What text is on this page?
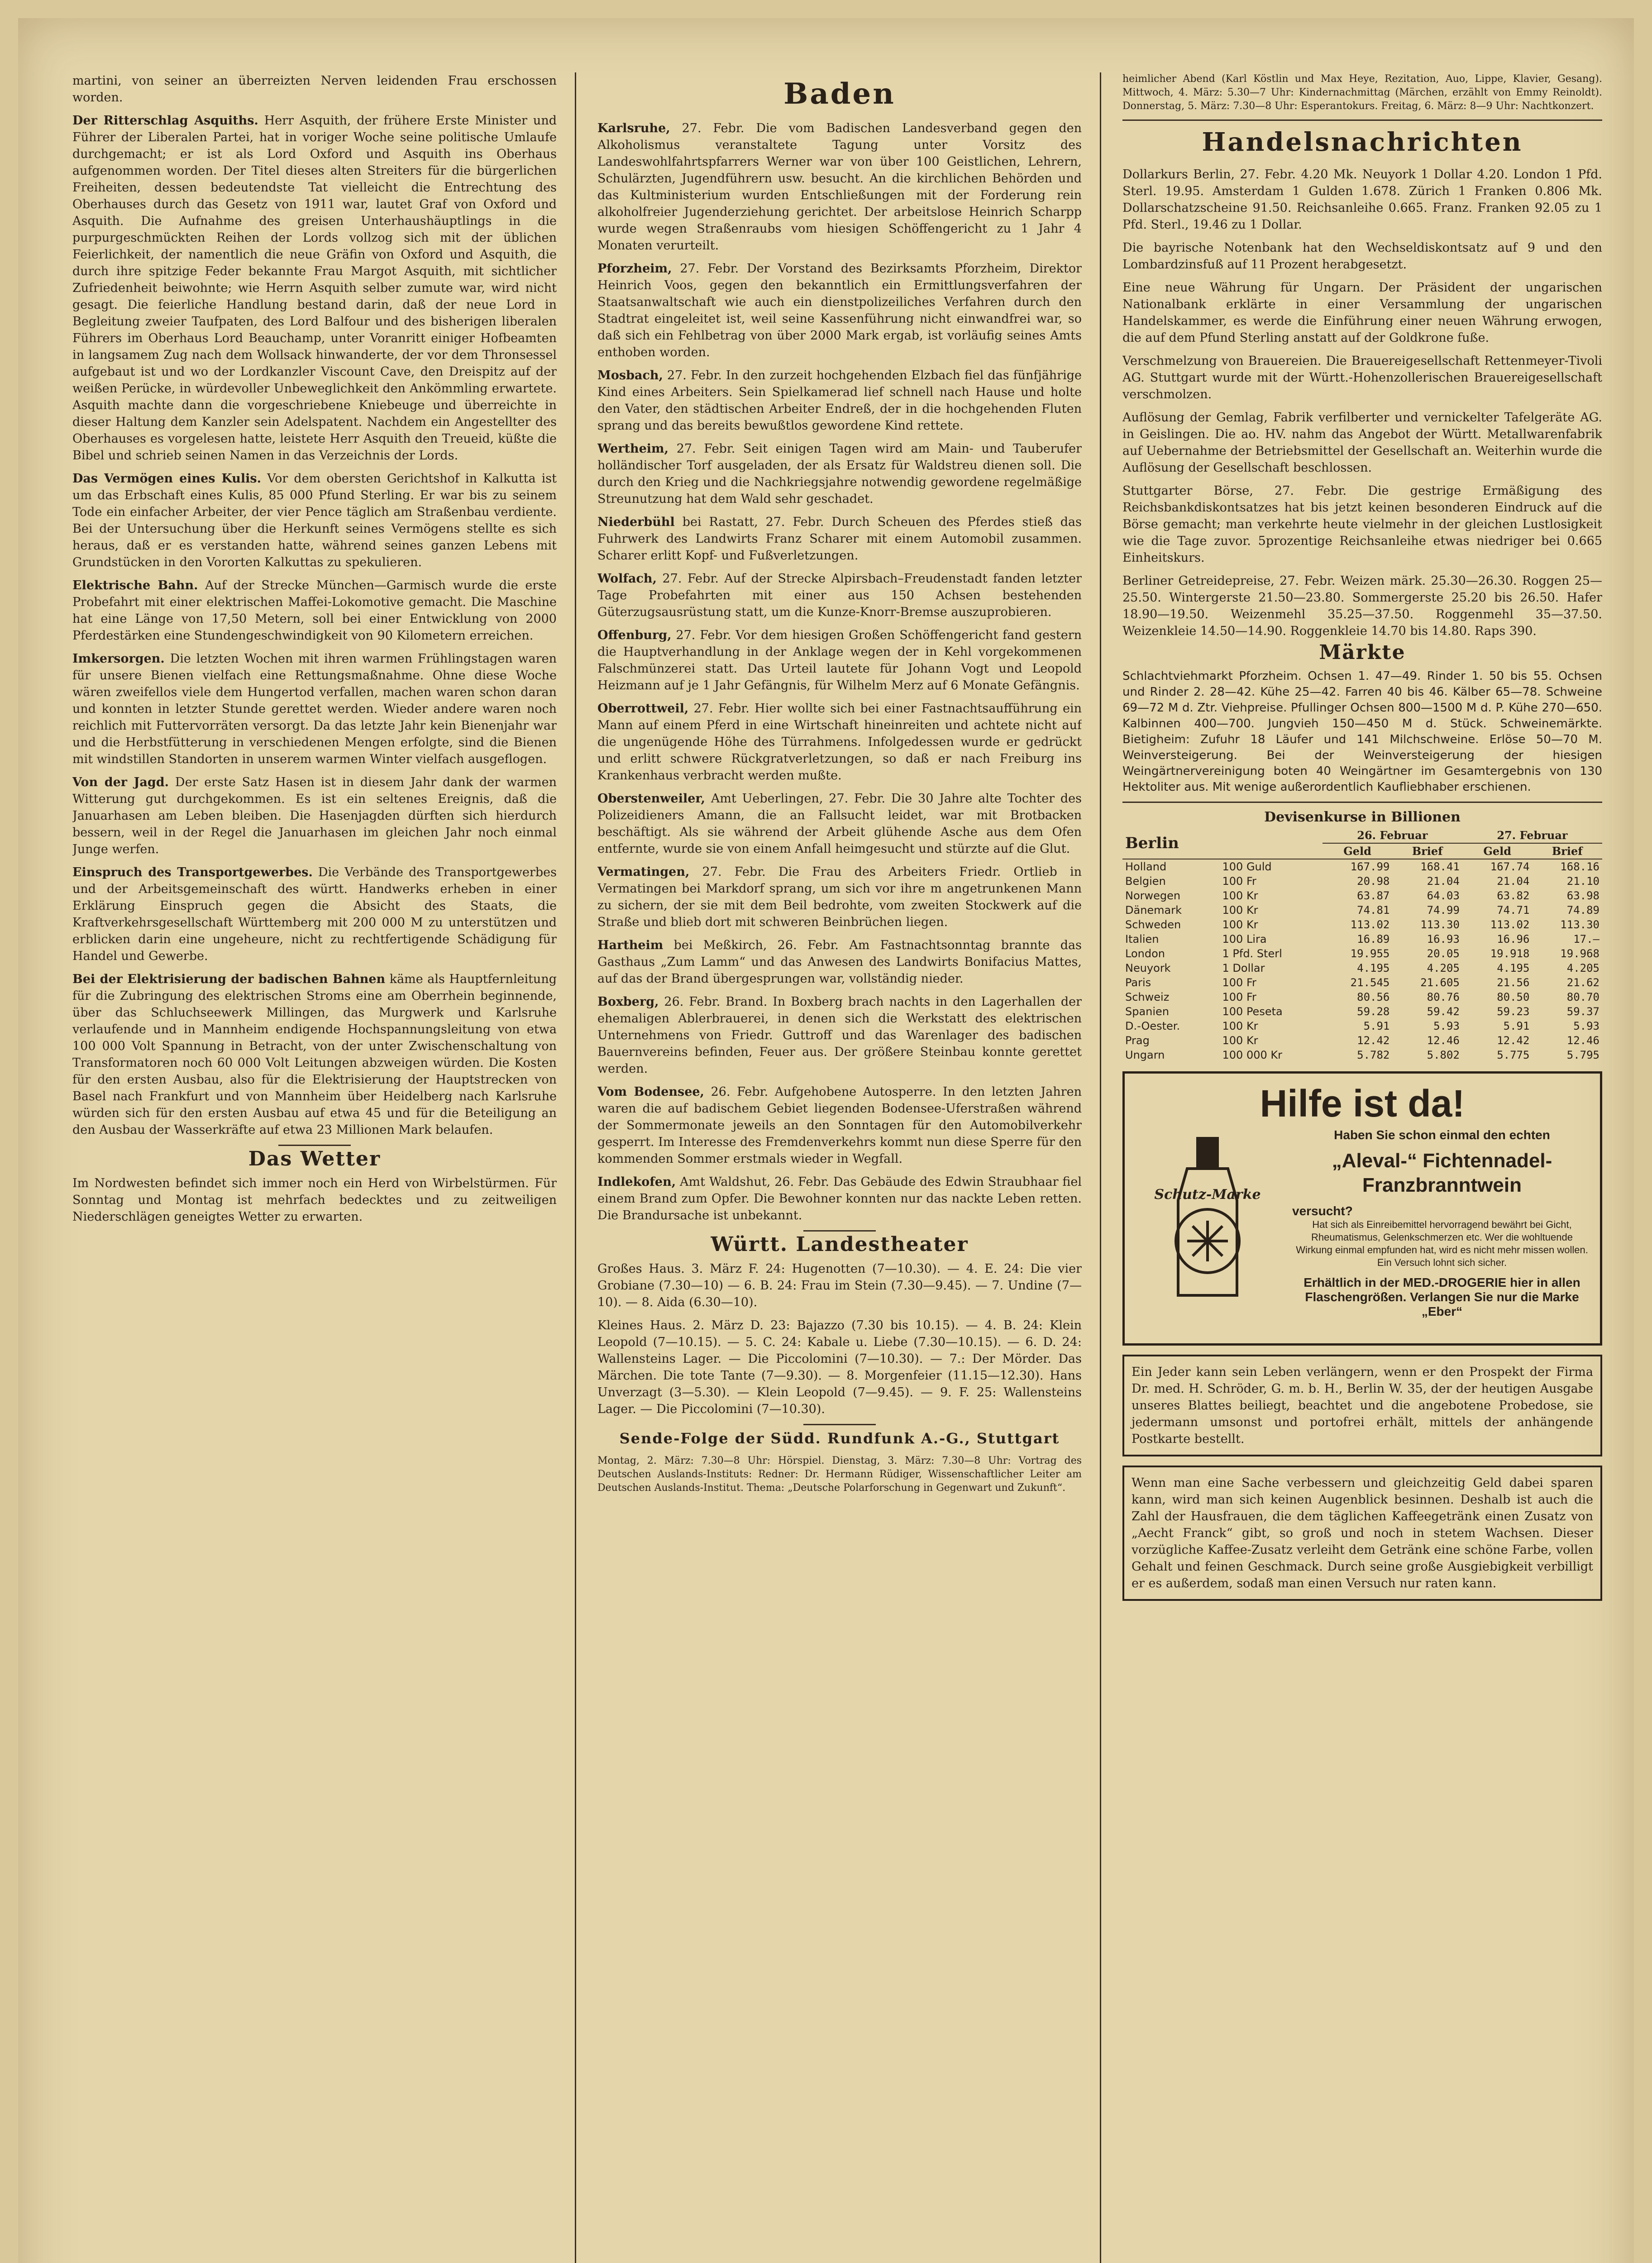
martini, von seiner an überreizten Nerven leidenden Frau erschossen worden.

Der Ritterschlag Asquiths. Herr Asquith, der frühere Erste Minister und Führer der Liberalen Partei, hat in voriger Woche seine politische Umlaufe durchgemacht; er ist als Lord Oxford und Asquith ins Oberhaus aufgenommen worden. Der Titel dieses alten Streiters für die bürgerlichen Freiheiten, dessen bedeutendste Tat vielleicht die Entrechtung des Oberhauses durch das Gesetz von 1911 war, lautet Graf von Oxford und Asquith. Die Aufnahme des greisen Unterhaushäuptlings in die purpurgeschmückten Reihen der Lords vollzog sich mit der üblichen Feierlichkeit, der namentlich die neue Gräfin von Oxford und Asquith, die durch ihre spitzige Feder bekannte Frau Margot Asquith, mit sichtlicher Zufriedenheit beiwohnte; wie Herrn Asquith selber zumute war, wird nicht gesagt. Die feierliche Handlung bestand darin, daß der neue Lord in Begleitung zweier Taufpaten, des Lord Balfour und des bisherigen liberalen Führers im Oberhaus Lord Beauchamp, unter Voranritt einiger Hofbeamten in langsamem Zug nach dem Wollsack hinwanderte, der vor dem Thronsessel aufgebaut ist und wo der Lordkanzler Viscount Cave, den Dreispitz auf der weißen Perücke, in würdevoller Unbeweglichkeit den Ankömmling erwartete. Asquith machte dann die vorgeschriebene Kniebeuge und überreichte in dieser Haltung dem Kanzler sein Adelspatent. Nachdem ein Angestellter des Oberhauses es vorgelesen hatte, leistete Herr Asquith den Treueid, küßte die Bibel und schrieb seinen Namen in das Verzeichnis der Lords.
Das Vermögen eines Kulis. Vor dem obersten Gerichtshof in Kalkutta ist um das Erbschaft eines Kulis, 85 000 Pfund Sterling. Er war bis zu seinem Tode ein einfacher Arbeiter, der vier Pence täglich am Straßenbau verdiente. Bei der Untersuchung über die Herkunft seines Vermögens stellte es sich heraus, daß er es verstanden hatte, während seines ganzen Lebens mit Grundstücken in den Vororten Kalkuttas zu spekulieren.
Elektrische Bahn. Auf der Strecke München—Garmisch wurde die erste Probefahrt mit einer elektrischen Maffei-Lokomotive gemacht. Die Maschine hat eine Länge von 17,50 Metern, soll bei einer Entwicklung von 2000 Pferdestärken eine Stundengeschwindigkeit von 90 Kilometern erreichen.
Imkersorgen. Die letzten Wochen mit ihren warmen Frühlingstagen waren für unsere Bienen vielfach eine Rettungsmaßnahme. Ohne diese Woche wären zweifellos viele dem Hungertod verfallen, machen waren schon daran und konnten in letzter Stunde gerettet werden. Wieder andere waren noch reichlich mit Futtervorräten versorgt. Da das letzte Jahr kein Bienenjahr war und die Herbstfütterung in verschiedenen Mengen erfolgte, sind die Bienen mit windstillen Standorten in unserem warmen Winter vielfach ausgeflogen.
Von der Jagd. Der erste Satz Hasen ist in diesem Jahr dank der warmen Witterung gut durchgekommen. Es ist ein seltenes Ereignis, daß die Januarhasen am Leben bleiben. Die Hasenjagden dürften sich hierdurch bessern, weil in der Regel die Januarhasen im gleichen Jahr noch einmal Junge werfen.
Einspruch des Transportgewerbes. Die Verbände des Transportgewerbes und der Arbeitsgemeinschaft des württ. Handwerks erheben in einer Erklärung Einspruch gegen die Absicht des Staats, die Kraftverkehrsgesellschaft Württemberg mit 200 000 M zu unterstützen und erblicken darin eine ungeheure, nicht zu rechtfertigende Schädigung für Handel und Gewerbe.
Bei der Elektrisierung der badischen Bahnen käme als Hauptfernleitung für die Zubringung des elektrischen Stroms eine am Oberrhein beginnende, über das Schluchseewerk Millingen, das Murgwerk und Karlsruhe verlaufende und in Mannheim endigende Hochspannungsleitung von etwa 100 000 Volt Spannung in Betracht, von der unter Zwischenschaltung von Transformatoren noch 60 000 Volt Leitungen abzweigen würden. Die Kosten für den ersten Ausbau, also für die Elektrisierung der Hauptstrecken von Basel nach Frankfurt und von Mannheim über Heidelberg nach Karlsruhe würden sich für den ersten Ausbau auf etwa 45 und für die Beteiligung an den Ausbau der Wasserkräfte auf etwa 23 Millionen Mark belaufen.
Das Wetter

Im Nordwesten befindet sich immer noch ein Herd von Wirbelstürmen. Für Sonntag und Montag ist mehrfach bedecktes und zu zeitweiligen Niederschlägen geneigtes Wetter zu erwarten.

Baden
Karlsruhe, 27. Febr. Die vom Badischen Landesverband gegen den Alkoholismus veranstaltete Tagung unter Vorsitz des Landeswohlfahrtspfarrers Werner war von über 100 Geistlichen, Lehrern, Schulärzten, Jugendführern usw. besucht. An die kirchlichen Behörden und das Kultministerium wurden Entschließungen mit der Forderung rein alkoholfreier Jugenderziehung gerichtet. Der arbeitslose Heinrich Scharpp wurde wegen Straßenraubs vom hiesigen Schöffengericht zu 1 Jahr 4 Monaten verurteilt.
Pforzheim, 27. Febr. Der Vorstand des Bezirksamts Pforzheim, Direktor Heinrich Voos, gegen den bekanntlich ein Ermittlungsverfahren der Staatsanwaltschaft wie auch ein dienstpolizeiliches Verfahren durch den Stadtrat eingeleitet ist, weil seine Kassenführung nicht einwandfrei war, so daß sich ein Fehlbetrag von über 2000 Mark ergab, ist vorläufig seines Amts enthoben worden.
Mosbach, 27. Febr. In den zurzeit hochgehenden Elzbach fiel das fünfjährige Kind eines Arbeiters. Sein Spielkamerad lief schnell nach Hause und holte den Vater, den städtischen Arbeiter Endreß, der in die hochgehenden Fluten sprang und das bereits bewußtlos gewordene Kind rettete.
Wertheim, 27. Febr. Seit einigen Tagen wird am Main- und Tauberufer holländischer Torf ausgeladen, der als Ersatz für Waldstreu dienen soll. Die durch den Krieg und die Nachkriegsjahre notwendig gewordene regelmäßige Streunutzung hat dem Wald sehr geschadet.
Niederbühl bei Rastatt, 27. Febr. Durch Scheuen des Pferdes stieß das Fuhrwerk des Landwirts Franz Scharer mit einem Automobil zusammen. Scharer erlitt Kopf- und Fußverletzungen.
Wolfach, 27. Febr. Auf der Strecke Alpirsbach–Freudenstadt fanden letzter Tage Probefahrten mit einer aus 150 Achsen bestehenden Güterzugsausrüstung statt, um die Kunze-Knorr-Bremse auszuprobieren.
Offenburg, 27. Febr. Vor dem hiesigen Großen Schöffengericht fand gestern die Hauptverhandlung in der Anklage wegen der in Kehl vorgekommenen Falschmünzerei statt. Das Urteil lautete für Johann Vogt und Leopold Heizmann auf je 1 Jahr Gefängnis, für Wilhelm Merz auf 6 Monate Gefängnis.
Oberrottweil, 27. Febr. Hier wollte sich bei einer Fastnachtsaufführung ein Mann auf einem Pferd in eine Wirtschaft hineinreiten und achtete nicht auf die ungenügende Höhe des Türrahmens. Infolgedessen wurde er gedrückt und erlitt schwere Rückgratverletzungen, so daß er nach Freiburg ins Krankenhaus verbracht werden mußte.
Oberstenweiler, Amt Ueberlingen, 27. Febr. Die 30 Jahre alte Tochter des Polizeidieners Amann, die an Fallsucht leidet, war mit Brotbacken beschäftigt. Als sie während der Arbeit glühende Asche aus dem Ofen entfernte, wurde sie von einem Anfall heimgesucht und stürzte auf die Glut.
Vermatingen, 27. Febr. Die Frau des Arbeiters Friedr. Ortlieb in Vermatingen bei Markdorf sprang, um sich vor ihre m angetrunkenen Mann zu sichern, der sie mit dem Beil bedrohte, vom zweiten Stockwerk auf die Straße und blieb dort mit schweren Beinbrüchen liegen.
Hartheim bei Meßkirch, 26. Febr. Am Fastnachtsonntag brannte das Gasthaus „Zum Lamm“ und das Anwesen des Landwirts Bonifacius Mattes, auf das der Brand übergesprungen war, vollständig nieder.
Boxberg, 26. Febr. Brand. In Boxberg brach nachts in den Lagerhallen der ehemaligen Ablerbrauerei, in denen sich die Werkstatt des elektrischen Unternehmens von Friedr. Guttroff und das Warenlager des badischen Bauernvereins befinden, Feuer aus. Der größere Steinbau konnte gerettet werden.
Vom Bodensee, 26. Febr. Aufgehobene Autosperre. In den letzten Jahren waren die auf badischem Gebiet liegenden Bodensee-Uferstraßen während der Sommermonate jeweils an den Sonntagen für den Automobilverkehr gesperrt. Im Interesse des Fremdenverkehrs kommt nun diese Sperre für den kommenden Sommer erstmals wieder in Wegfall.
Indlekofen, Amt Waldshut, 26. Febr. Das Gebäude des Edwin Straubhaar fiel einem Brand zum Opfer. Die Bewohner konnten nur das nackte Leben retten. Die Brandursache ist unbekannt.
Württ. Landestheater

Großes Haus. 3. März F. 24: Hugenotten (7—10.30). — 4. E. 24: Die vier Grobiane (7.30—10) — 6. B. 24: Frau im Stein (7.30—9.45). — 7. Undine (7—10). — 8. Aida (6.30—10).

Kleines Haus. 2. März D. 23: Bajazzo (7.30 bis 10.15). — 4. B. 24: Klein Leopold (7—10.15). — 5. C. 24: Kabale u. Liebe (7.30—10.15). — 6. D. 24: Wallensteins Lager. — Die Piccolomini (7—10.30). — 7.: Der Mörder. Das Märchen. Die tote Tante (7—9.30). — 8. Morgenfeier (11.15—12.30). Hans Unverzagt (3—5.30). — Klein Leopold (7—9.45). — 9. F. 25: Wallensteins Lager. — Die Piccolomini (7—10.30).

Sende-Folge der Südd. Rundfunk A.-G., Stuttgart

Montag, 2. März: 7.30—8 Uhr: Hörspiel. Dienstag, 3. März: 7.30—8 Uhr: Vortrag des Deutschen Auslands-Instituts: Redner: Dr. Hermann Rüdiger, Wissenschaftlicher Leiter am Deutschen Auslands-Institut. Thema: „Deutsche Polarforschung in Gegenwart und Zukunft“.

heimlicher Abend (Karl Köstlin und Max Heye, Rezitation, Auo, Lippe, Klavier, Gesang). Mittwoch, 4. März: 5.30—7 Uhr: Kindernachmittag (Märchen, erzählt von Emmy Reinoldt). Donnerstag, 5. März: 7.30—8 Uhr: Esperantokurs. Freitag, 6. März: 8—9 Uhr: Nachtkonzert.

Handelsnachrichten

Dollarkurs Berlin, 27. Febr. 4.20 Mk. Neuyork 1 Dollar 4.20. London 1 Pfd. Sterl. 19.95. Amsterdam 1 Gulden 1.678. Zürich 1 Franken 0.806 Mk. Dollarschatzscheine 91.50. Reichsanleihe 0.665. Franz. Franken 92.05 zu 1 Pfd. Sterl., 19.46 zu 1 Dollar.

Die bayrische Notenbank hat den Wechseldiskontsatz auf 9 und den Lombardzinsfuß auf 11 Prozent herabgesetzt.

Eine neue Währung für Ungarn. Der Präsident der ungarischen Nationalbank erklärte in einer Versammlung der ungarischen Handelskammer, es werde die Einführung einer neuen Währung erwogen, die auf dem Pfund Sterling anstatt auf der Goldkrone fuße.

Verschmelzung von Brauereien. Die Brauereigesellschaft Rettenmeyer-Tivoli AG. Stuttgart wurde mit der Württ.-Hohenzollerischen Brauereigesellschaft verschmolzen.

Auflösung der Gemlag, Fabrik verfilberter und vernickelter Tafelgeräte AG. in Geislingen. Die ao. HV. nahm das Angebot der Württ. Metallwarenfabrik auf Uebernahme der Betriebsmittel der Gesellschaft an. Weiterhin wurde die Auflösung der Gesellschaft beschlossen.

Stuttgarter Börse, 27. Febr. Die gestrige Ermäßigung des Reichsbankdiskontsatzes hat bis jetzt keinen besonderen Eindruck auf die Börse gemacht; man verkehrte heute vielmehr in der gleichen Lustlosigkeit wie die Tage zuvor. 5prozentige Reichsanleihe etwas niedriger bei 0.665 Einheitskurs.

Berliner Getreidepreise, 27. Febr. Weizen märk. 25.30—26.30. Roggen 25—25.50. Wintergerste 21.50—23.80. Sommergerste 25.20 bis 26.50. Hafer 18.90—19.50. Weizenmehl 35.25—37.50. Roggenmehl 35—37.50. Weizenkleie 14.50—14.90. Roggenkleie 14.70 bis 14.80. Raps 390.

Märkte

Schlachtviehmarkt Pforzheim. Ochsen 1. 47—49. Rinder 1. 50 bis 55. Ochsen und Rinder 2. 28—42. Kühe 25—42. Farren 40 bis 46. Kälber 65—78. Schweine 69—72 M d. Ztr. Viehpreise. Pfullinger Ochsen 800—1500 M d. P. Kühe 270—650. Kalbinnen 400—700. Jungvieh 150—450 M d. Stück. Schweinemärkte. Bietigheim: Zufuhr 18 Läufer und 141 Milchschweine. Erlöse 50—70 M. Weinversteigerung. Bei der Weinversteigerung der hiesigen Weingärtnervereinigung boten 40 Weingärtner im Gesamtergebnis von 130 Hektoliter aus. Mit wenige außerordentlich Kaufliebhaber erschienen.

Devisenkurse in Billionen
Berlin		26. Februar		27. Februar	
		Geld	Brief	Geld	Brief
Holland	100 Guld	167.99	168.41	167.74	168.16
Belgien	100 Fr	20.98	21.04	21.04	21.10
Norwegen	100 Kr	63.87	64.03	63.82	63.98
Dänemark	100 Kr	74.81	74.99	74.71	74.89
Schweden	100 Kr	113.02	113.30	113.02	113.30
Italien	100 Lira	16.89	16.93	16.96	17.—
London	1 Pfd. Sterl	19.955	20.05	19.918	19.968
Neuyork	1 Dollar	4.195	4.205	4.195	4.205
Paris	100 Fr	21.545	21.605	21.56	21.62
Schweiz	100 Fr	80.56	80.76	80.50	80.70
Spanien	100 Peseta	59.28	59.42	59.23	59.37
D.-Oester.	100 Kr	5.91	5.93	5.91	5.93
Prag	100 Kr	12.42	12.46	12.42	12.46
Ungarn	100 000 Kr	5.782	5.802	5.775	5.795
Hilfe ist da!
Schutz-Marke
Haben Sie schon einmal den echten
„Aleval-“ Fichtennadel-Franzbranntwein
versucht?
Hat sich als Einreibemittel hervorragend bewährt bei Gicht, Rheumatismus, Gelenkschmerzen etc. Wer die wohltuende Wirkung einmal empfunden hat, wird es nicht mehr missen wollen. Ein Versuch lohnt sich sicher.
Erhältlich in der MED.-DROGERIE hier in allen Flaschengrößen. Verlangen Sie nur die Marke „Eber“

Ein Jeder kann sein Leben verlängern, wenn er den Prospekt der Firma Dr. med. H. Schröder, G. m. b. H., Berlin W. 35, der der heutigen Ausgabe unseres Blattes beiliegt, beachtet und die angebotene Probedose, sie jedermann umsonst und portofrei erhält, mittels der anhängende Postkarte bestellt.

Wenn man eine Sache verbessern und gleichzeitig Geld dabei sparen kann, wird man sich keinen Augenblick besinnen. Deshalb ist auch die Zahl der Hausfrauen, die dem täglichen Kaffeegetränk einen Zusatz von „Aecht Franck“ gibt, so groß und noch in stetem Wachsen. Dieser vorzügliche Kaffee-Zusatz verleiht dem Getränk eine schöne Farbe, vollen Gehalt und feinen Geschmack. Durch seine große Ausgiebigkeit verbilligt er es außerdem, sodaß man einen Versuch nur raten kann.
